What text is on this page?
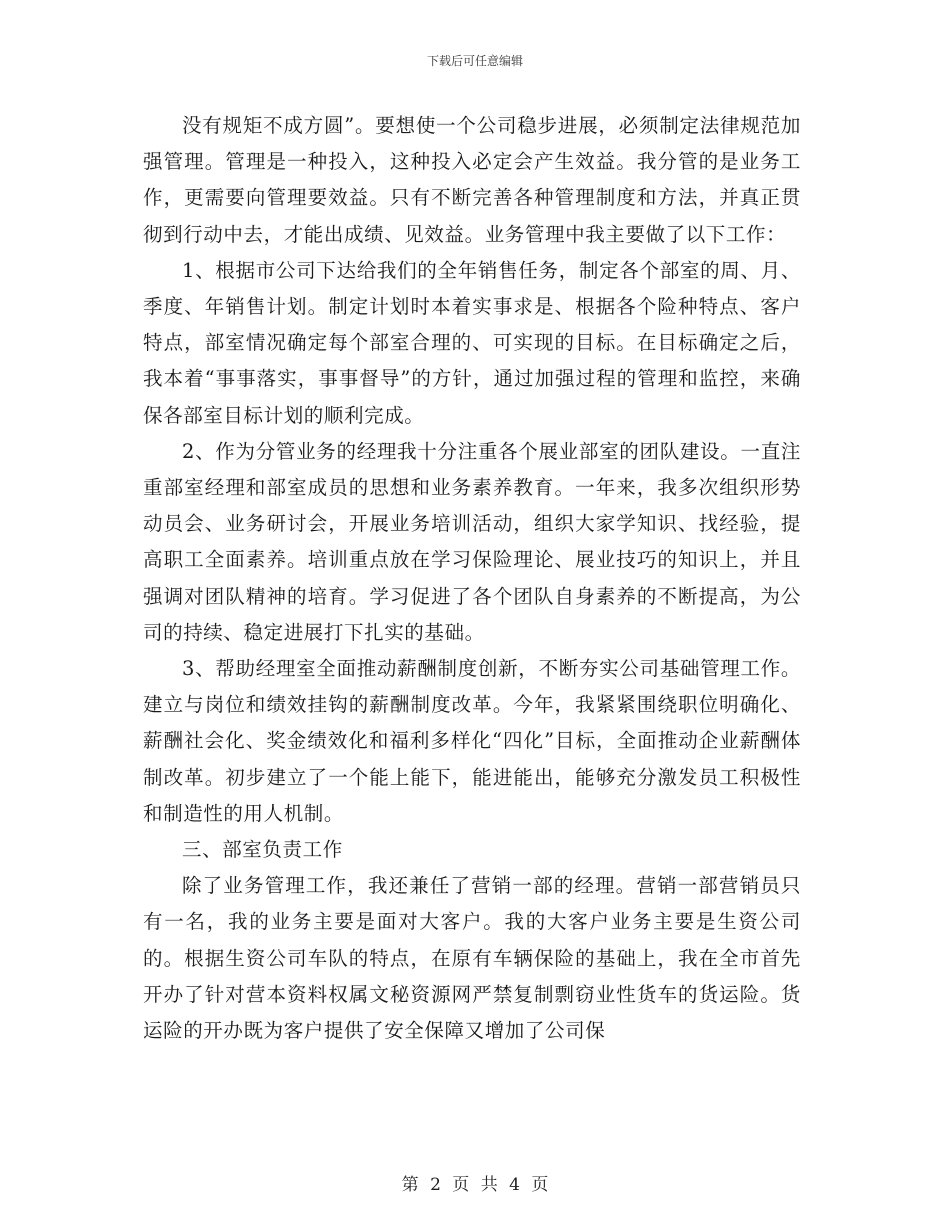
下载后可任意编辑

没有规矩不成方圆”。要想使一个公司稳步进展，必须制定法律规范加强管理。管理是一种投入，这种投入必定会产生效益。我分管的是业务工作，更需要向管理要效益。只有不断完善各种管理制度和方法，并真正贯彻到行动中去，才能出成绩、见效益。业务管理中我主要做了以下工作：

1、根据市公司下达给我们的全年销售任务，制定各个部室的周、月、季度、年销售计划。制定计划时本着实事求是、根据各个险种特点、客户特点，部室情况确定每个部室合理的、可实现的目标。在目标确定之后，我本着“事事落实，事事督导”的方针，通过加强过程的管理和监控，来确保各部室目标计划的顺利完成。

2、作为分管业务的经理我十分注重各个展业部室的团队建设。一直注重部室经理和部室成员的思想和业务素养教育。一年来，我多次组织形势动员会、业务研讨会，开展业务培训活动，组织大家学知识、找经验，提高职工全面素养。培训重点放在学习保险理论、展业技巧的知识上，并且强调对团队精神的培育。学习促进了各个团队自身素养的不断提高，为公司的持续、稳定进展打下扎实的基础。

3、帮助经理室全面推动薪酬制度创新，不断夯实公司基础管理工作。建立与岗位和绩效挂钩的薪酬制度改革。今年，我紧紧围绕职位明确化、薪酬社会化、奖金绩效化和福利多样化“四化”目标，全面推动企业薪酬体制改革。初步建立了一个能上能下，能进能出，能够充分激发员工积极性和制造性的用人机制。

三、部室负责工作

除了业务管理工作，我还兼任了营销一部的经理。营销一部营销员只有一名，我的业务主要是面对大客户。我的大客户业务主要是生资公司的。根据生资公司车队的特点，在原有车辆保险的基础上，我在全市首先开办了针对营本资料权属文秘资源网严禁复制剽窃业性货车的货运险。货运险的开办既为客户提供了安全保障又增加了公司保

第 2 页 共 4 页
